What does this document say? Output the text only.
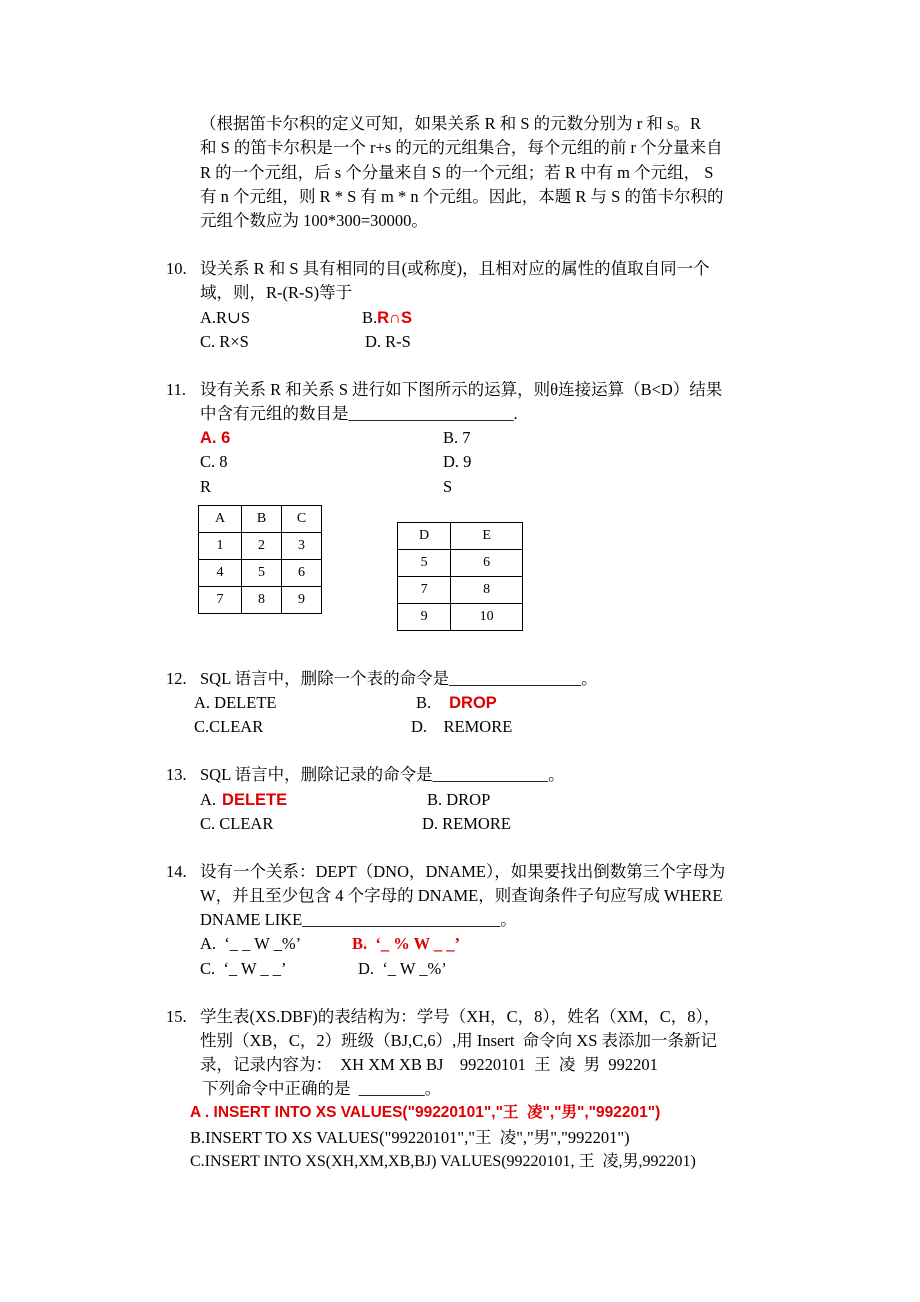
（根据笛卡尔积的定义可知，如果关系 R 和 S 的元数分别为 r 和 s。R
和 S 的笛卡尔积是一个 r+s 的元的元组集合，每个元组的前 r 个分量来自
R 的一个元组，后 s 个分量来自 S 的一个元组；若 R 中有 m 个元组， S
有 n 个元组，则 R * S 有 m * n 个元组。因此，本题 R 与 S 的笛卡尔积的
元组个数应为 100*300=30000。
10. 设关系 R 和 S 具有相同的目(或称度)，且相对应的属性的值取自同一个
域，则，R-(R-S)等于
A.R∪S	B.R∩S
C. R×S	D. R-S
11. 设有关系 R 和关系 S 进行如下图所示的运算，则θ连接运算（B<D）结果
中含有元组的数目是____________________.
A. 6	B. 7
C. 8	D. 9
R	S
A	B	C
1	2	3
4	5	6
7	8	9
D	E
5	6
7	8
9	10
12. SQL 语言中，删除一个表的命令是________________。
A. DELETE	B. DROP
C.CLEAR	D.    REMORE
13. SQL 语言中，删除记录的命令是______________。
A. DELETE	B. DROP
C. CLEAR	D. REMORE
14. 设有一个关系：DEPT（DNO，DNAME），如果要找出倒数第三个字母为
W，并且至少包含 4 个字母的 DNAME，则查询条件子句应写成 WHERE
DNAME LIKE________________________。
A.  ‘_ _ W _%’	B.  ‘_ % W _ _’
C.  ‘_ W _ _’	D.  ‘_ W _%’
15. 学生表(XS.DBF)的表结构为：学号（XH，C，8），姓名（XM，C，8），
性别（XB，C，2）班级（BJ,C,6）,用 Insert  命令向 XS 表添加一条新记
录，记录内容为：  XH XM XB BJ    99220101  王  凌  男  992201
下列命令中正确的是  ________。
A . INSERT INTO XS VALUES("99220101","王  凌","男","992201")
B.INSERT TO XS VALUES("99220101","王  凌","男","992201")
C.INSERT INTO XS(XH,XM,XB,BJ) VALUES(99220101, 王  凌,男,992201)
